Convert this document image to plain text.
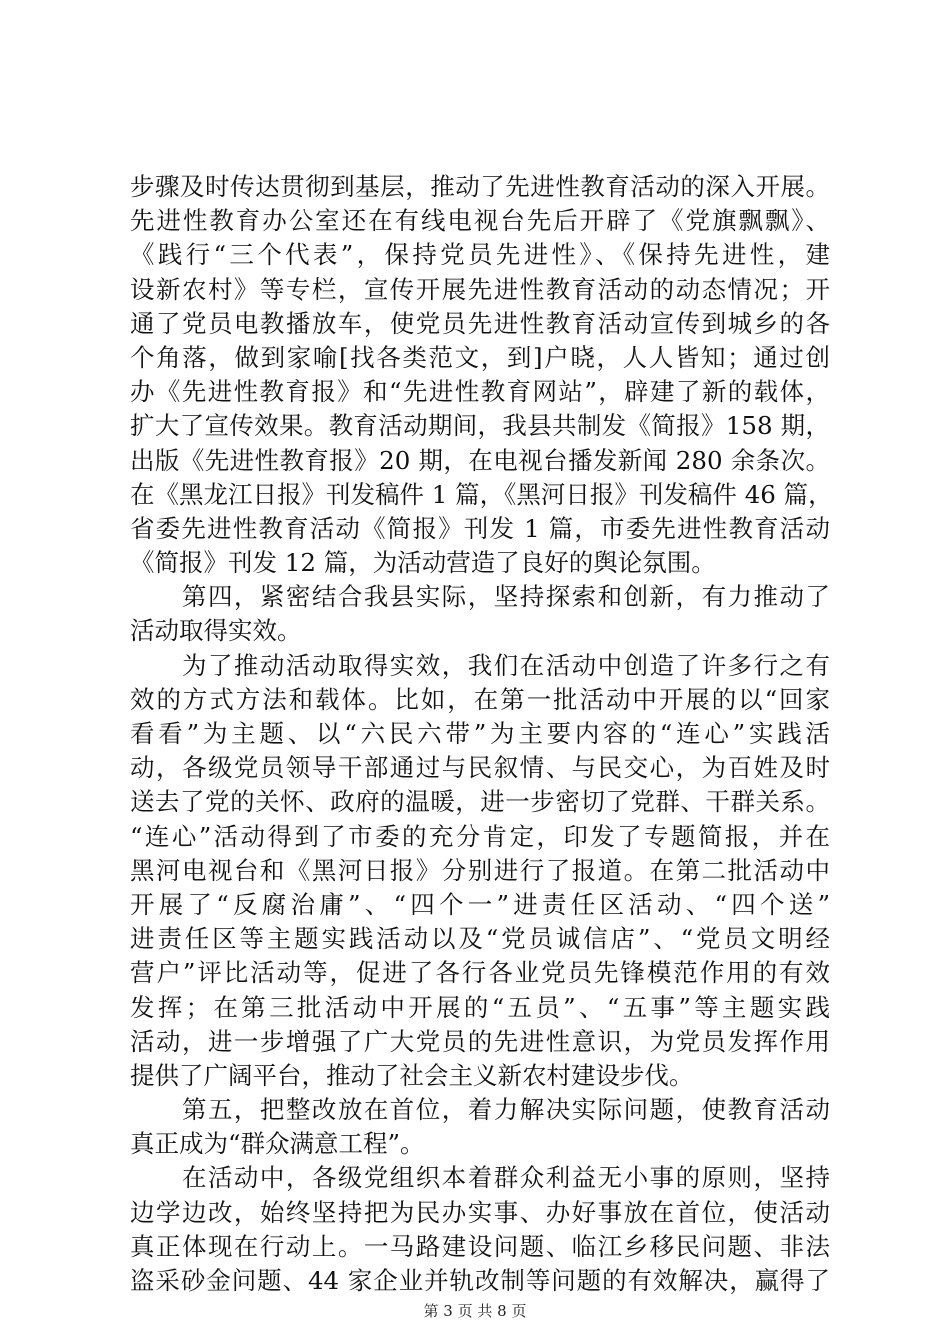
步骤及时传达贯彻到基层，推动了先进性教育活动的深入开展。
先进性教育办公室还在有线电视台先后开辟了《党旗飘飘》、
《践行“三个代表”，保持党员先进性》、《保持先进性，建
设新农村》等专栏，宣传开展先进性教育活动的动态情况；开
通了党员电教播放车，使党员先进性教育活动宣传到城乡的各
个角落，做到家喻[找各类范文，到]户晓，人人皆知；通过创
办《先进性教育报》和“先进性教育网站”，辟建了新的载体，
扩大了宣传效果。教育活动期间，我县共制发《简报》158 期，
出版《先进性教育报》20 期，在电视台播发新闻 280 余条次。
在《黑龙江日报》刊发稿件 1 篇，《黑河日报》刊发稿件 46 篇，
省委先进性教育活动《简报》刊发 1 篇，市委先进性教育活动
《简报》刊发 12 篇，为活动营造了良好的舆论氛围。
　　第四，紧密结合我县实际，坚持探索和创新，有力推动了
活动取得实效。
　　为了推动活动取得实效，我们在活动中创造了许多行之有
效的方式方法和载体。比如，在第一批活动中开展的以“回家
看看”为主题、以“六民六带”为主要内容的“连心”实践活
动，各级党员领导干部通过与民叙情、与民交心，为百姓及时
送去了党的关怀、政府的温暖，进一步密切了党群、干群关系。
“连心”活动得到了市委的充分肯定，印发了专题简报，并在
黑河电视台和《黑河日报》分别进行了报道。在第二批活动中
开展了“反腐治庸”、“四个一”进责任区活动、“四个送”
进责任区等主题实践活动以及“党员诚信店”、“党员文明经
营户”评比活动等，促进了各行各业党员先锋模范作用的有效
发挥；在第三批活动中开展的“五员”、“五事”等主题实践
活动，进一步增强了广大党员的先进性意识，为党员发挥作用
提供了广阔平台，推动了社会主义新农村建设步伐。
　　第五，把整改放在首位，着力解决实际问题，使教育活动
真正成为“群众满意工程”。
　　在活动中，各级党组织本着群众利益无小事的原则，坚持
边学边改，始终坚持把为民办实事、办好事放在首位，使活动
真正体现在行动上。一马路建设问题、临江乡移民问题、非法
盗采砂金问题、44 家企业并轨改制等问题的有效解决，赢得了
第 3 页 共 8 页
